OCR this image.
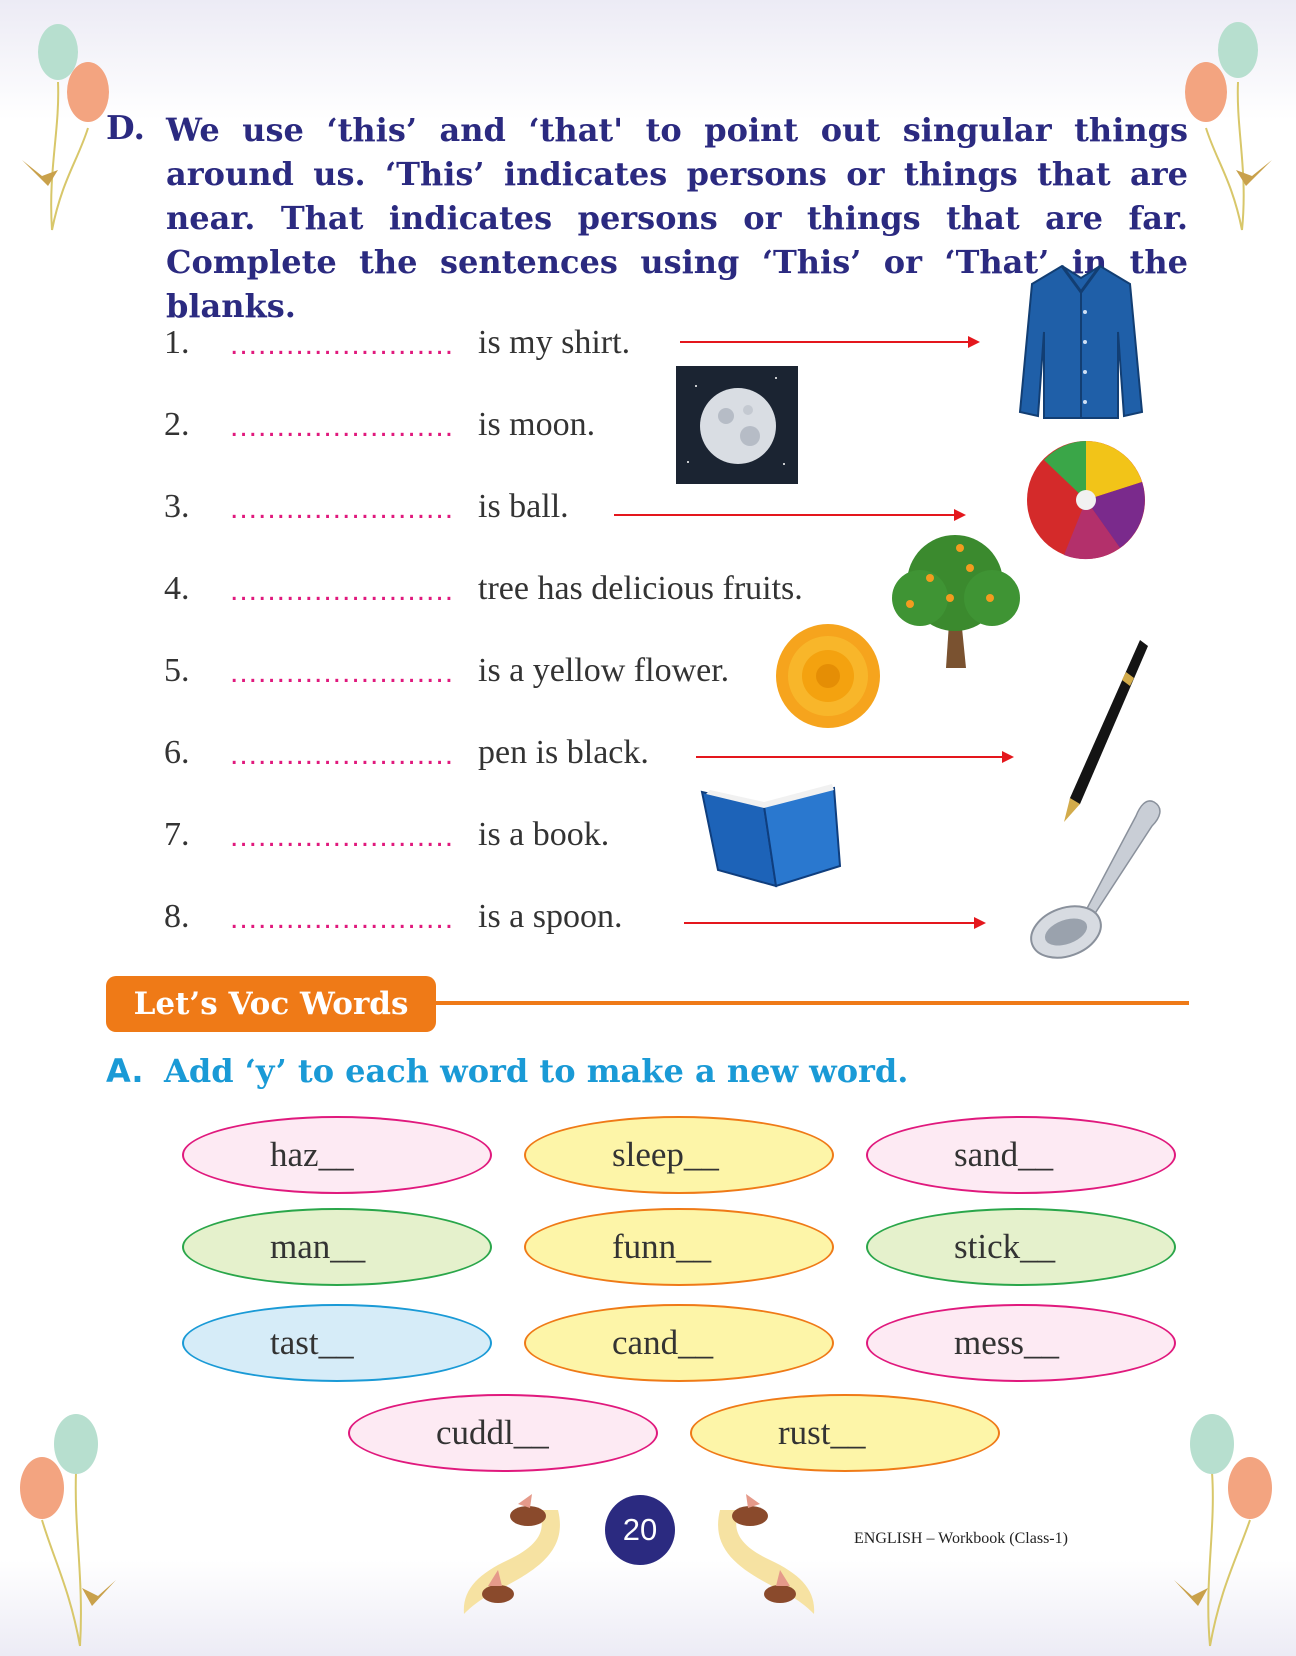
D. We use ‘this’ and ‘that' to point out singular things around us. ‘This’ indicates persons or things that are near. That indicates persons or things that are far. Complete the sentences using ‘This’ or ‘That’ in the blanks.
1. ........................ is my shirt.
2. ........................ is moon.
3. ........................ is ball.
4. ........................ tree has delicious fruits.
5. ........................ is a yellow flower.
6. ........................ pen is black.
7. ........................ is a book.
8. ........................ is a spoon.
Let’s Voc Words
A. Add ‘y’ to each word to make a new word.
haz__	sleep__	sand__
man__	funn__	stick__
tast__	cand__	mess__
cuddl__	rust__
20	ENGLISH – Workbook (Class-1)
